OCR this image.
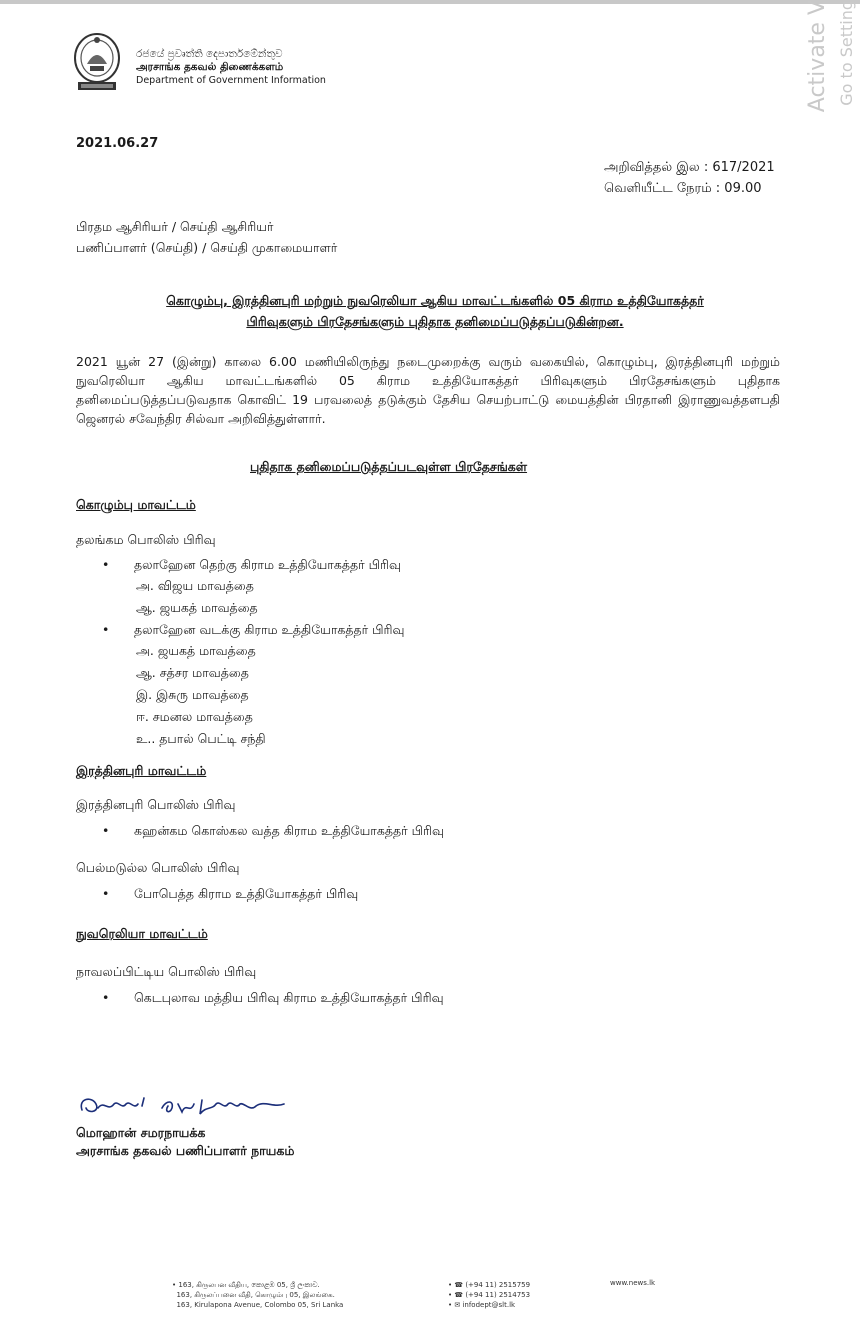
රජයේ ප්‍රවෘත්ති දෙපාර්තමේන්තුව
அரசாங்க தகவல் திணைக்களம்
Department of Government Information	Activate V Go to Setting
2021.06.27
அறிவித்தல் இல : 617/2021
வெளியீட்ட நேரம் : 09.00
பிரதம ஆசிரியர் / செய்தி ஆசிரியர்
பணிப்பாளர் (செய்தி) / செய்தி முகாமையாளர்
கொழும்பு, இரத்தினபுரி மற்றும் நுவரெலியா ஆகிய மாவட்டங்களில் 05 கிராம உத்தியோகத்தர்
பிரிவுகளும் பிரதேசங்களும் புதிதாக தனிமைப்படுத்தப்படுகின்றன.
2021 யூன் 27 (இன்று) காலை 6.00 மணியிலிருந்து நடைமுறைக்கு வரும் வகையில், கொழும்பு, இரத்தினபுரி மற்றும் நுவரெலியா ஆகிய மாவட்டங்களில் 05 கிராம உத்தியோகத்தர் பிரிவுகளும் பிரதேசங்களும் புதிதாக தனிமைப்படுத்தப்படுவதாக கொவிட் 19 பரவலைத் தடுக்கும் தேசிய செயற்பாட்டு மையத்தின் பிரதானி இராணுவத்தளபதி ஜெனரல் சவேந்திர சில்வா அறிவித்துள்ளார்.
புதிதாக தனிமைப்படுத்தப்படவுள்ள பிரதேசங்கள்
கொழும்பு மாவட்டம்
தலங்கம பொலிஸ் பிரிவு
• தலாஹேன தெற்கு கிராம உத்தியோகத்தர் பிரிவு
அ. விஜய மாவத்தை
ஆ. ஜயகத் மாவத்தை
• தலாஹேன வடக்கு கிராம உத்தியோகத்தர் பிரிவு
அ. ஜயகத் மாவத்தை
ஆ. சத்சர மாவத்தை
இ. இசுரு மாவத்தை
ஈ. சமனல மாவத்தை
உ.. தபால் பெட்டி சந்தி
இரத்தினபுரி மாவட்டம்
இரத்தினபுரி பொலிஸ் பிரிவு
• கஹன்கம கொஸ்கல வத்த கிராம உத்தியோகத்தர் பிரிவு
பெல்மடுல்ல பொலிஸ் பிரிவு
• போபெத்த கிராம உத்தியோகத்தர் பிரிவு
நுவரெலியா மாவட்டம்
நாவலப்பிட்டிய பொலிஸ் பிரிவு
• கெடபுலாவ மத்திய பிரிவு கிராம உத்தியோகத்தர் பிரிவு
மொஹான் சமரநாயக்க
அரசாங்க தகவல் பணிப்பாளர் நாயகம்
• 163, கிருலபன வீதிய, කොළඹ 05, ශ්‍රී ලංකාව.
163, கிருலப்பனை வீதி, கொழும்பு 05, இலங்கை.
163, Kirulapona Avenue, Colombo 05, Sri Lanka
• ☎ (+94 11) 2515759
• ☎ (+94 11) 2514753
• ✉ infodept@slt.lk
www.news.lk
